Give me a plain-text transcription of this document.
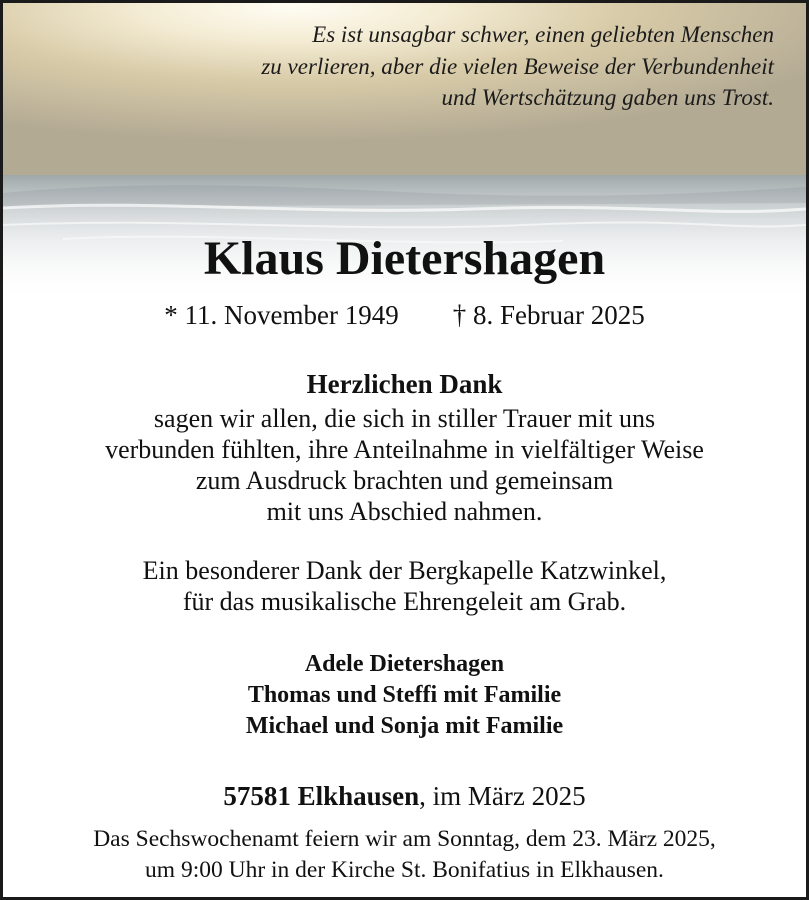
Es ist unsagbar schwer, einen geliebten Menschen
zu verlieren, aber die vielen Beweise der Verbundenheit
und Wertschätzung gaben uns Trost.
Klaus Dietershagen
* 11. November 1949 † 8. Februar 2025
Herzlichen Dank
sagen wir allen, die sich in stiller Trauer mit uns
verbunden fühlten, ihre Anteilnahme in vielfältiger Weise
zum Ausdruck brachten und gemeinsam
mit uns Abschied nahmen.
Ein besonderer Dank der Bergkapelle Katzwinkel,
für das musikalische Ehrengeleit am Grab.
Adele Dietershagen
Thomas und Steffi mit Familie
Michael und Sonja mit Familie
57581 Elkhausen, im März 2025
Das Sechswochenamt feiern wir am Sonntag, dem 23. März 2025,
um 9:00 Uhr in der Kirche St. Bonifatius in Elkhausen.
